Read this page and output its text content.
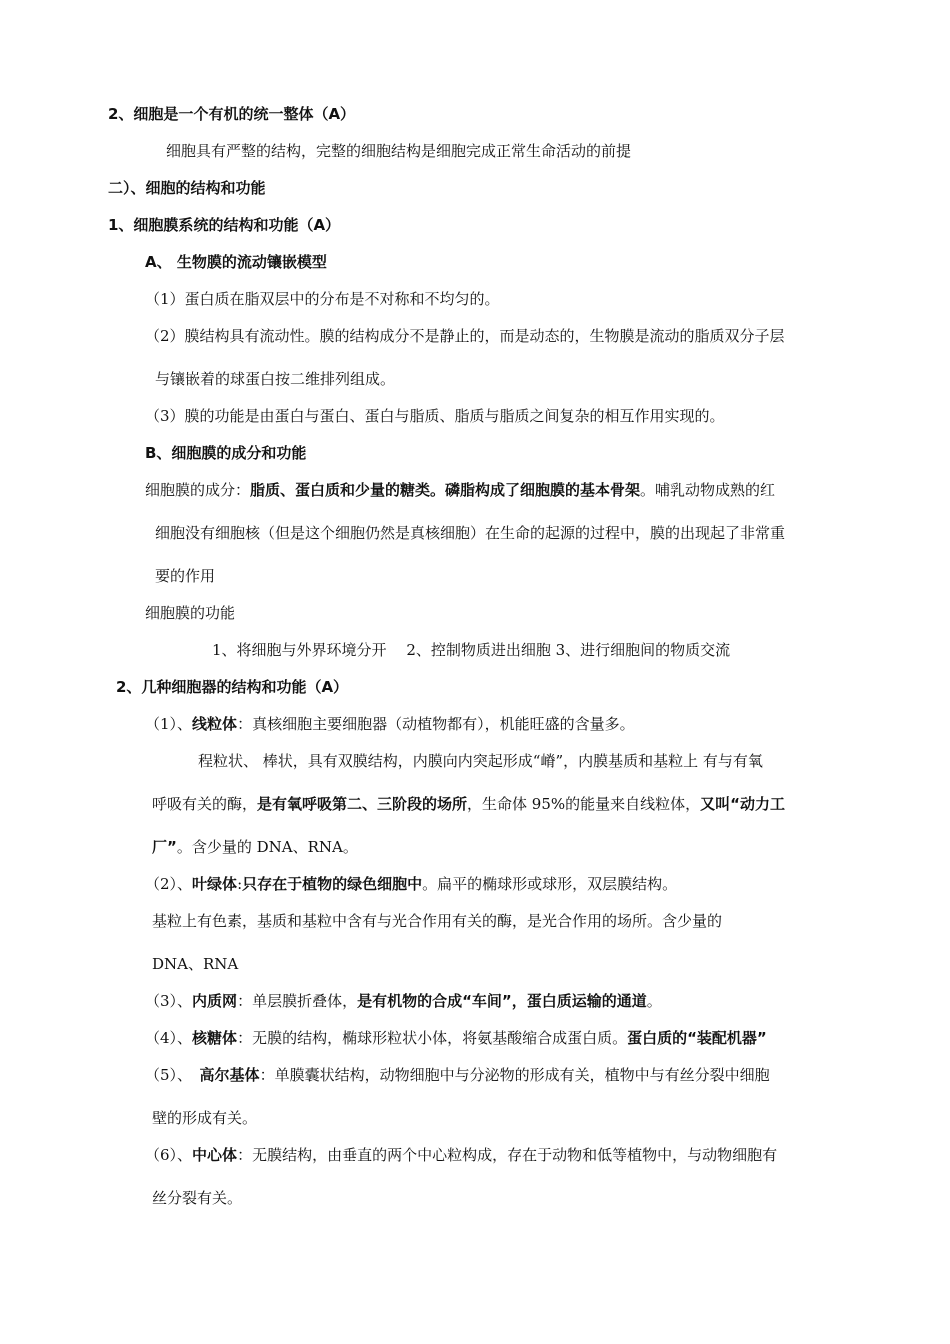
2、细胞是一个有机的统一整体（A）
细胞具有严整的结构，完整的细胞结构是细胞完成正常生命活动的前提
二）、细胞的结构和功能
1、细胞膜系统的结构和功能（A）
A、 生物膜的流动镶嵌模型
（1）蛋白质在脂双层中的分布是不对称和不均匀的。
（2）膜结构具有流动性。膜的结构成分不是静止的，而是动态的，生物膜是流动的脂质双分子层
与镶嵌着的球蛋白按二维排列组成。
（3）膜的功能是由蛋白与蛋白、蛋白与脂质、脂质与脂质之间复杂的相互作用实现的。
B、细胞膜的成分和功能
细胞膜的成分：脂质、蛋白质和少量的糖类。磷脂构成了细胞膜的基本骨架。哺乳动物成熟的红
细胞没有细胞核（但是这个细胞仍然是真核细胞）在生命的起源的过程中，膜的出现起了非常重
要的作用
细胞膜的功能
1、将细胞与外界环境分开　 2、控制物质进出细胞 3、进行细胞间的物质交流
2、几种细胞器的结构和功能（A）
（1）、线粒体：真核细胞主要细胞器（动植物都有），机能旺盛的含量多。
程粒状、 棒状，具有双膜结构，内膜向内突起形成“嵴”，内膜基质和基粒上 有与有氧
呼吸有关的酶，是有氧呼吸第二、三阶段的场所，生命体 95%的能量来自线粒体，又叫“动力工
厂”。含少量的 DNA、RNA。
（2）、叶绿体:只存在于植物的绿色细胞中。扁平的椭球形或球形，双层膜结构。
基粒上有色素，基质和基粒中含有与光合作用有关的酶，是光合作用的场所。含少量的
DNA、RNA
（3）、内质网：单层膜折叠体，是有机物的合成“车间”，蛋白质运输的通道。
（4）、核糖体：无膜的结构，椭球形粒状小体，将氨基酸缩合成蛋白质。蛋白质的“装配机器”
（5）、　高尔基体：单膜囊状结构，动物细胞中与分泌物的形成有关，植物中与有丝分裂中细胞
壁的形成有关。
（6）、中心体：无膜结构，由垂直的两个中心粒构成，存在于动物和低等植物中，与动物细胞有
丝分裂有关。
